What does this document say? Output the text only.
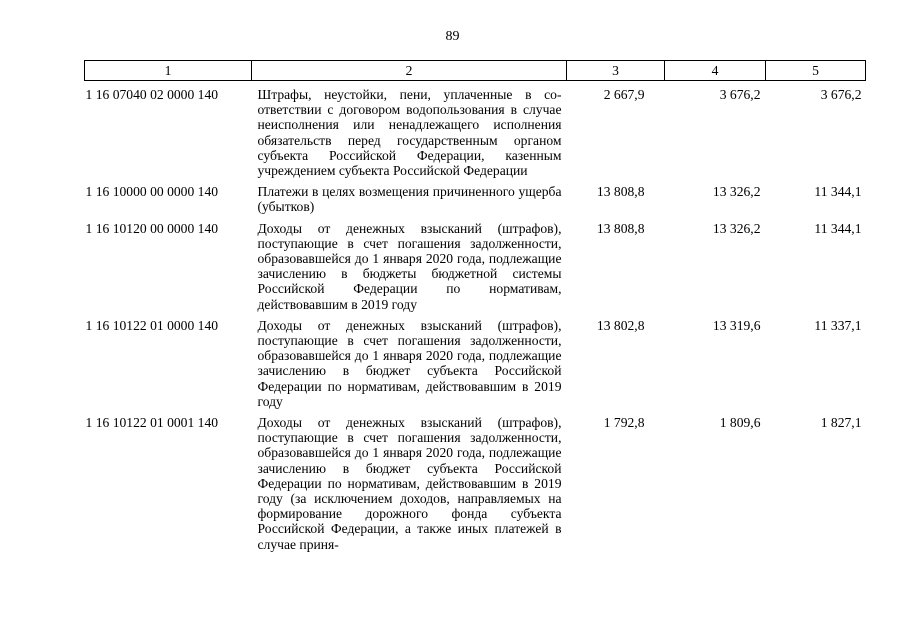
89
1	2	3	4	5
1 16 07040 02 0000 140	Штрафы, неустойки, пени, уплаченные в соответствии с договором водопользования в случае неисполнения или ненадлежащего исполнения обязательств перед государственным органом субъекта Российской Федерации, казенным учреждением субъекта Российской Федерации	2 667,9	3 676,2	3 676,2
1 16 10000 00 0000 140	Платежи в целях возмещения причиненного ущерба (убытков)	13 808,8	13 326,2	11 344,1
1 16 10120 00 0000 140	Доходы от денежных взысканий (штрафов), поступающие в счет погашения задолженности, образовавшейся до 1 января 2020 года, подлежащие зачислению в бюджеты бюджетной системы Российской Федерации по нормативам, действовавшим в 2019 году	13 808,8	13 326,2	11 344,1
1 16 10122 01 0000 140	Доходы от денежных взысканий (штрафов), поступающие в счет погашения задолженности, образовавшейся до 1 января 2020 года, подлежащие зачислению в бюджет субъекта Российской Федерации по нормативам, действовавшим в 2019 году	13 802,8	13 319,6	11 337,1
1 16 10122 01 0001 140	Доходы от денежных взысканий (штрафов), поступающие в счет погашения задолженности, образовавшейся до 1 января 2020 года, подлежащие зачислению в бюджет субъекта Российской Федерации по нормативам, действовавшим в 2019 году (за исключением доходов, направляемых на формирование дорожного фонда субъекта Российской Федерации, а также иных платежей в случае приня-	1 792,8	1 809,6	1 827,1
